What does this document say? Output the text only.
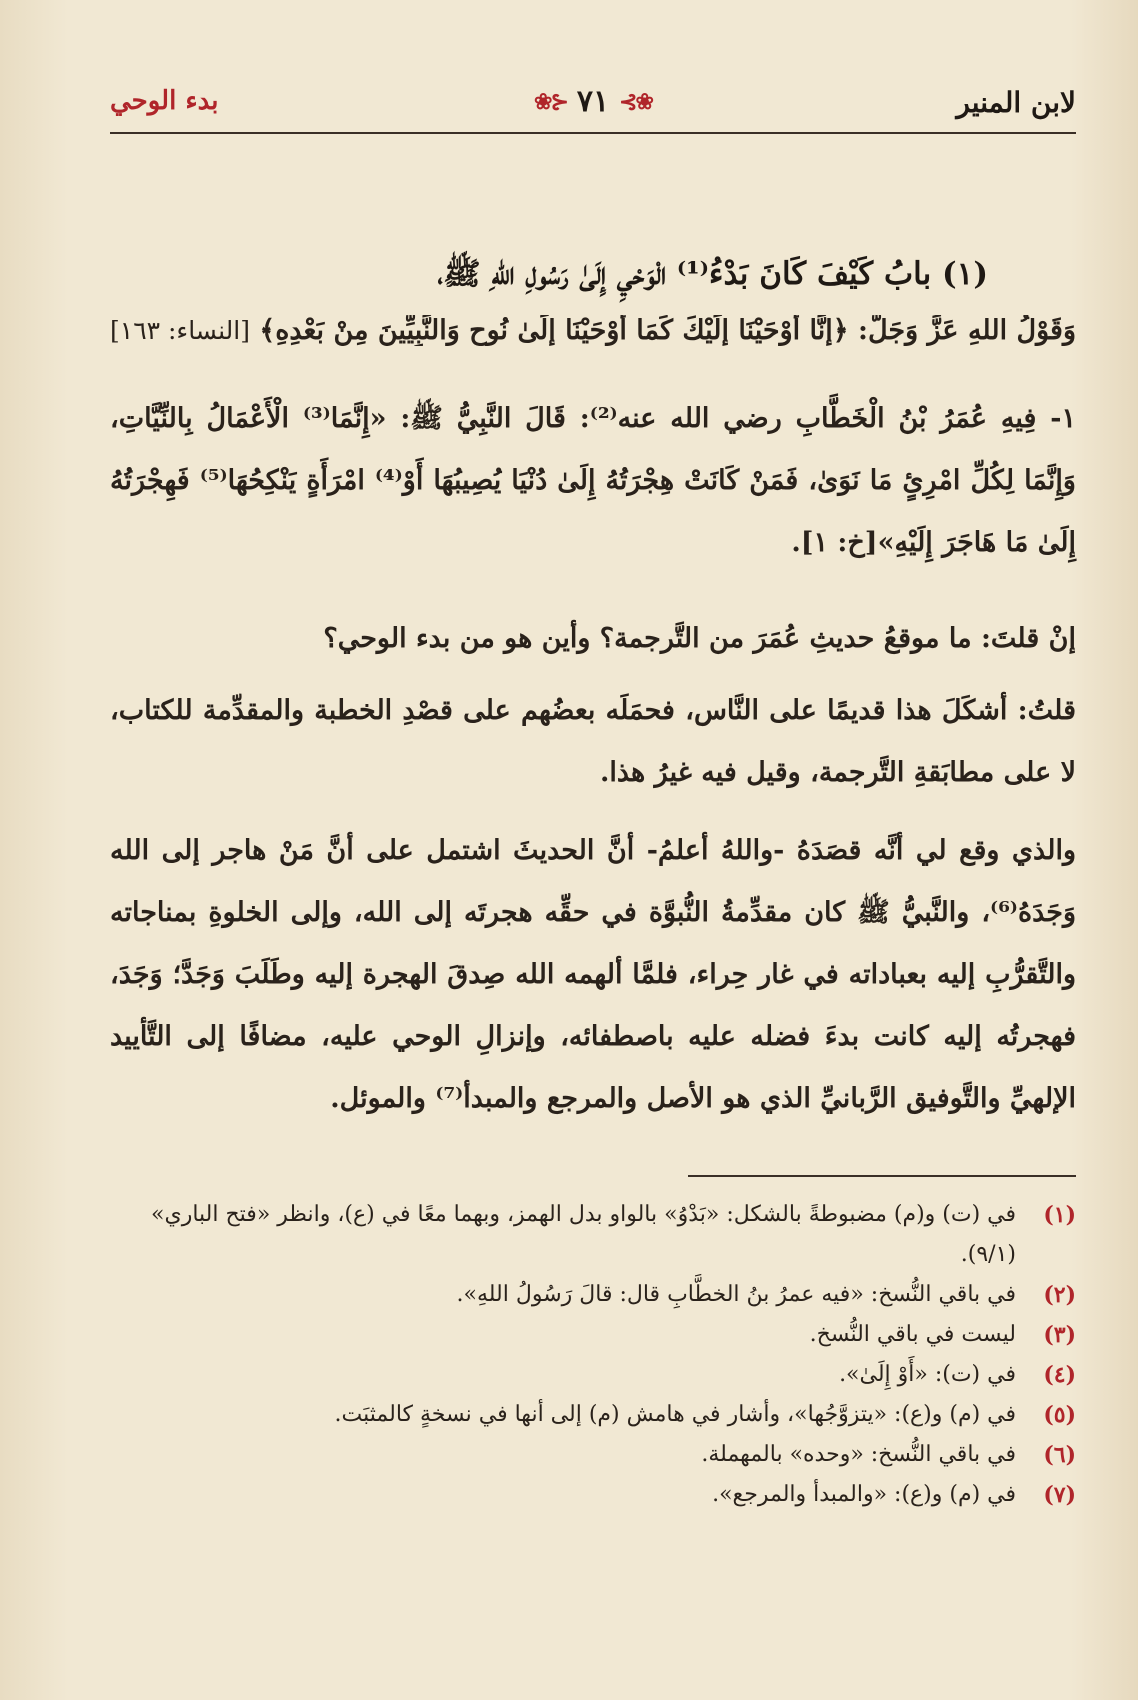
لابن المنير
❀⊱ ٧١ ⊰❀
بدء الوحي
(١) بابُ كَيْفَ كَانَ بَدْءُ⁽¹⁾ الْوَحْيِ إِلَىٰ رَسُولِ اللهِ ﷺ،
وَقَوْلُ اللهِ عَزَّ وَجَلَّ: ﴿إِنَّا أَوْحَيْنَا إِلَيْكَ كَمَا أَوْحَيْنَا إِلَىٰ نُوحٍ وَالنَّبِيِّينَ مِنْ بَعْدِهِ﴾ [النساء: ١٦٣]
١- فِيهِ عُمَرُ بْنُ الْخَطَّابِ رضي الله عنه⁽²⁾: قَالَ النَّبِيُّ ﷺ: «إِنَّمَا⁽³⁾ الْأَعْمَالُ بِالنِّيَّاتِ، وَإِنَّمَا لِكُلِّ امْرِئٍ مَا نَوَىٰ، فَمَنْ كَانَتْ هِجْرَتُهُ إِلَىٰ دُنْيَا يُصِيبُهَا أَوْ⁽⁴⁾ امْرَأَةٍ يَنْكِحُهَا⁽⁵⁾ فَهِجْرَتُهُ إِلَىٰ مَا هَاجَرَ إِلَيْهِ»[خ: ١].
إنْ قلتَ: ما موقعُ حديثِ عُمَرَ من التَّرجمة؟ وأين هو من بدء الوحي؟
قلتُ: أشكَلَ هذا قديمًا على النَّاس، فحمَلَه بعضُهم على قصْدِ الخطبة والمقدِّمة للكتاب، لا على مطابَقةِ التَّرجمة، وقيل فيه غيرُ هذا.
والذي وقع لي أنَّه قصَدَهُ -واللهُ أعلمُ- أنَّ الحديثَ اشتمل على أنَّ مَنْ هاجر إلى الله وَجَدَهُ⁽⁶⁾، والنَّبيُّ ﷺ كان مقدِّمةُ النُّبوَّة في حقِّه هجرتَه إلى الله، وإلى الخلوةِ بمناجاته والتَّقرُّبِ إليه بعباداته في غار حِراء، فلمَّا ألهمه الله صِدقَ الهجرة إليه وطَلَبَ وَجَدَّ؛ وَجَدَ، فهجرتُه إليه كانت بدءَ فضله عليه باصطفائه، وإنزالِ الوحي عليه، مضافًا إلى التَّأييد الإلهيِّ والتَّوفيق الرَّبانيِّ الذي هو الأصل والمرجع والمبدأ⁽⁷⁾ والموئل.
(١)
في (ت) و(م) مضبوطةً بالشكل: «بَدْوُ» بالواو بدل الهمز، وبهما معًا في (ع)، وانظر «فتح الباري» (٩/١).
(٢)
في باقي النُّسخ: «فيه عمرُ بنُ الخطَّابِ قال: قالَ رَسُولُ اللهِ».
(٣)
ليست في باقي النُّسخ.
(٤)
في (ت): «أَوْ إِلَىٰ».
(٥)
في (م) و(ع): «يتزوَّجُها»، وأشار في هامش (م) إلى أنها في نسخةٍ كالمثبَت.
(٦)
في باقي النُّسخ: «وحده» بالمهملة.
(٧)
في (م) و(ع): «والمبدأ والمرجع».
